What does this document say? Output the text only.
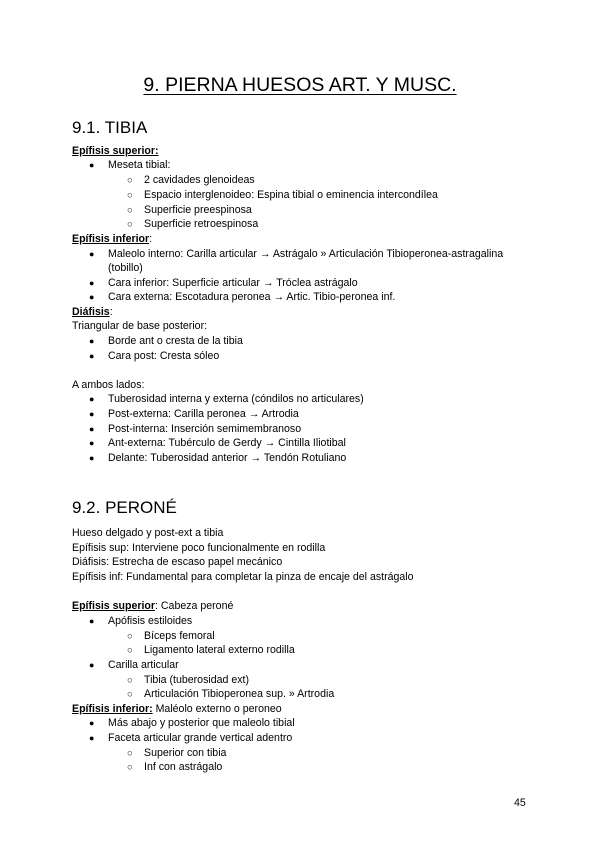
9. PIERNA HUESOS ART. Y MUSC.
9.1. TIBIA
Epífisis superior:
● Meseta tibial:
○ 2 cavidades glenoideas
○ Espacio interglenoideo: Espina tibial o eminencia intercondílea
○ Superficie preespinosa
○ Superficie retroespinosa
Epífisis inferior:
● Maleolo interno: Carilla articular → Astrágalo » Articulación Tibioperonea-astragalina
(tobillo)
● Cara inferior: Superficie articular → Tróclea astrágalo
● Cara externa: Escotadura peronea → Artic. Tibio-peronea inf.
Diáfisis:
Triangular de base posterior:
● Borde ant o cresta de la tibia
● Cara post: Cresta sóleo
A ambos lados:
● Tuberosidad interna y externa (cóndilos no articulares)
● Post-externa: Carilla peronea → Artrodia
● Post-interna: Inserción semimembranoso
● Ant-externa: Tubérculo de Gerdy → Cintilla Iliotibal
● Delante: Tuberosidad anterior → Tendón Rotuliano
9.2. PERONÉ
Hueso delgado y post-ext a tibia
Epífisis sup: Interviene poco funcionalmente en rodilla
Diáfisis: Estrecha de escaso papel mecánico
Epífisis inf: Fundamental para completar la pinza de encaje del astrágalo
Epífisis superior: Cabeza peroné
● Apófisis estiloides
○ Bíceps femoral
○ Ligamento lateral externo rodilla
● Carilla articular
○ Tibia (tuberosidad ext)
○ Articulación Tibioperonea sup. » Artrodia
Epífisis inferior: Maléolo externo o peroneo
● Más abajo y posterior que maleolo tibial
● Faceta articular grande vertical adentro
○ Superior con tibia
○ Inf con astrágalo
45
